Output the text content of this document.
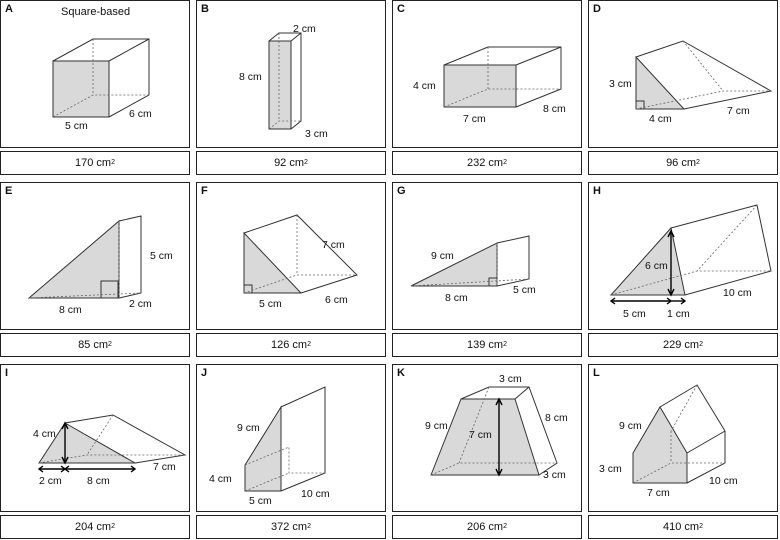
A	Square-based
5 cm
6 cm
170 $cm^2$
B
2 cm
8 cm
3 cm
92 $cm^2$
C
4 cm
7 cm
8 cm
232 $cm^2$
D
3 cm
4 cm
7 cm
96 $cm^2$
E
5 cm
8 cm	2 cm
85 $cm^2$
F
7 cm
5 cm	6 cm
126 $cm^2$
G
9 cm
8 cm
5 cm
139 $cm^2$
H
6 cm
10 cm
5 cm 1 cm
229 $cm^2$
I
4 cm
2 cm 8 cm
7 cm
204 $cm^2$
J
9 cm
4 cm
5 cm
10 cm
372 $cm^2$
K	3 cm
9 cm
7 cm
8 cm
3 cm
206 $cm^2$
L
9 cm
3 cm
7 cm
10 cm
410 $cm^2$
